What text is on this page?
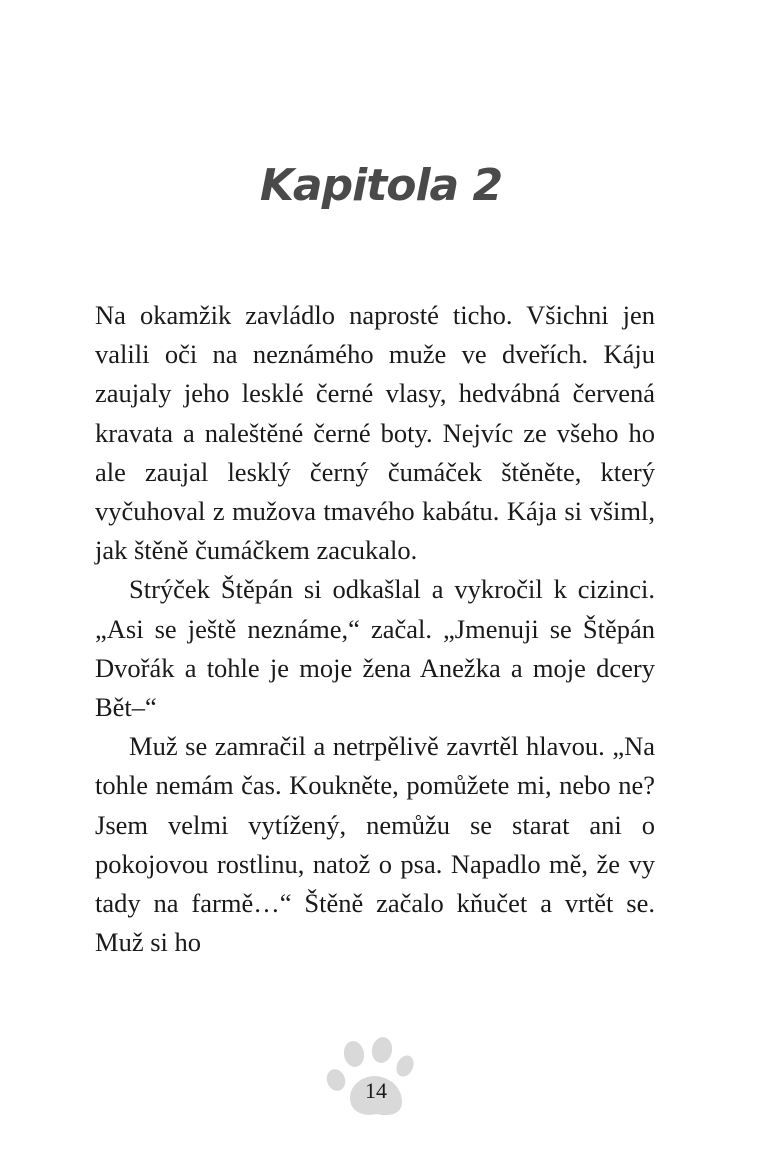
Kapitola 2

Na okamžik zavládlo naprosté ticho. Všichni jen valili oči na neznámého muže ve dveřích. Káju zaujaly jeho lesklé černé vlasy, hedvábná červená kravata a naleštěné černé boty. Nejvíc ze všeho ho ale zaujal lesklý černý čumáček štěněte, který vyčuhoval z mužova tmavého kabátu. Kája si všiml, jak štěně čumáčkem zacukalo.

Strýček Štěpán si odkašlal a vykročil k cizinci. „Asi se ještě neznáme,“ začal. „Jmenuji se Štěpán Dvořák a tohle je moje žena Anežka a moje dcery Bět–“

Muž se zamračil a netrpělivě zavrtěl hlavou. „Na tohle nemám čas. Koukněte, pomůžete mi, nebo ne? Jsem velmi vytížený, nemůžu se starat ani o pokojovou rostlinu, natož o psa. Napadlo mě, že vy tady na farmě…“ Štěně začalo kňučet a vrtět se. Muž si ho

14
